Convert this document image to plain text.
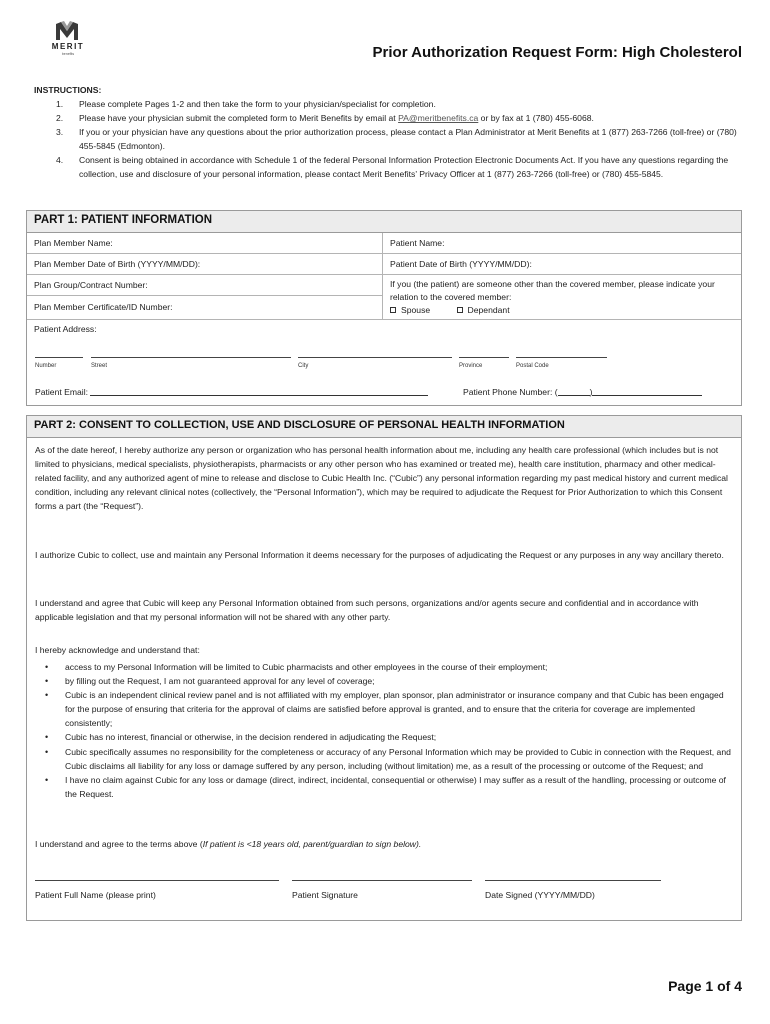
MERIT
benefits	Prior Authorization Request Form: High Cholesterol
INSTRUCTIONS:
1. Please complete Pages 1-2 and then take the form to your physician/specialist for completion.
2. Please have your physician submit the completed form to Merit Benefits by email at PA@meritbenefits.ca or by fax at 1 (780) 455-6068.
3. If you or your physician have any questions about the prior authorization process, please contact a Plan Administrator at Merit Benefits at 1 (877) 263-7266 (toll-free) or (780) 455-5845 (Edmonton).
4. Consent is being obtained in accordance with Schedule 1 of the federal Personal Information Protection Electronic Documents Act. If you have any questions regarding the collection, use and disclosure of your personal information, please contact Merit Benefits’ Privacy Officer at 1 (877) 263-7266 (toll-free) or (780) 455-5845.
PART 1: PATIENT INFORMATION
Plan Member Name:	Patient Name:
Plan Member Date of Birth (YYYY/MM/DD):	Patient Date of Birth (YYYY/MM/DD):
Plan Group/Contract Number:
Plan Member Certificate/ID Number:
If you (the patient) are someone other than the covered member, please indicate your relation to the covered member:
Spouse	Dependant
Patient Address:
Number	Street	City	Province	Postal Code
Patient Email:	Patient Phone Number: (	)
PART 2: CONSENT TO COLLECTION, USE AND DISCLOSURE OF PERSONAL HEALTH INFORMATION
As of the date hereof, I hereby authorize any person or organization who has personal health information about me, including any health care professional (which includes but is not limited to physicians, medical specialists, physiotherapists, pharmacists or any other person who has examined or treated me), health care institution, pharmacy and other medical-related facility, and any authorized agent of mine to release and disclose to Cubic Health Inc. (“Cubic”) any personal information regarding my past medical history and current medical condition, including any relevant clinical notes (collectively, the “Personal Information”), which may be required to adjudicate the Request for Prior Authorization to which this Consent forms a part (the “Request”).
I authorize Cubic to collect, use and maintain any Personal Information it deems necessary for the purposes of adjudicating the Request or any purposes in any way ancillary thereto.
I understand and agree that Cubic will keep any Personal Information obtained from such persons, organizations and/or agents secure and confidential and in accordance with applicable legislation and that my personal information will not be shared with any other party.
I hereby acknowledge and understand that:
• access to my Personal Information will be limited to Cubic pharmacists and other employees in the course of their employment;
• by filling out the Request, I am not guaranteed approval for any level of coverage;
• Cubic is an independent clinical review panel and is not affiliated with my employer, plan sponsor, plan administrator or insurance company and that Cubic has been engaged for the purpose of ensuring that criteria for the approval of claims are satisfied before approval is granted, and to ensure that the criteria for coverage are implemented consistently;
• Cubic has no interest, financial or otherwise, in the decision rendered in adjudicating the Request;
• Cubic specifically assumes no responsibility for the completeness or accuracy of any Personal Information which may be provided to Cubic in connection with the Request, and Cubic disclaims all liability for any loss or damage suffered by any person, including (without limitation) me, as a result of the processing or outcome of the Request; and
• I have no claim against Cubic for any loss or damage (direct, indirect, incidental, consequential or otherwise) I may suffer as a result of the handling, processing or outcome of the Request.
I understand and agree to the terms above (If patient is <18 years old, parent/guardian to sign below).
Patient Full Name (please print)	Patient Signature	Date Signed (YYYY/MM/DD)
Page 1 of 4
